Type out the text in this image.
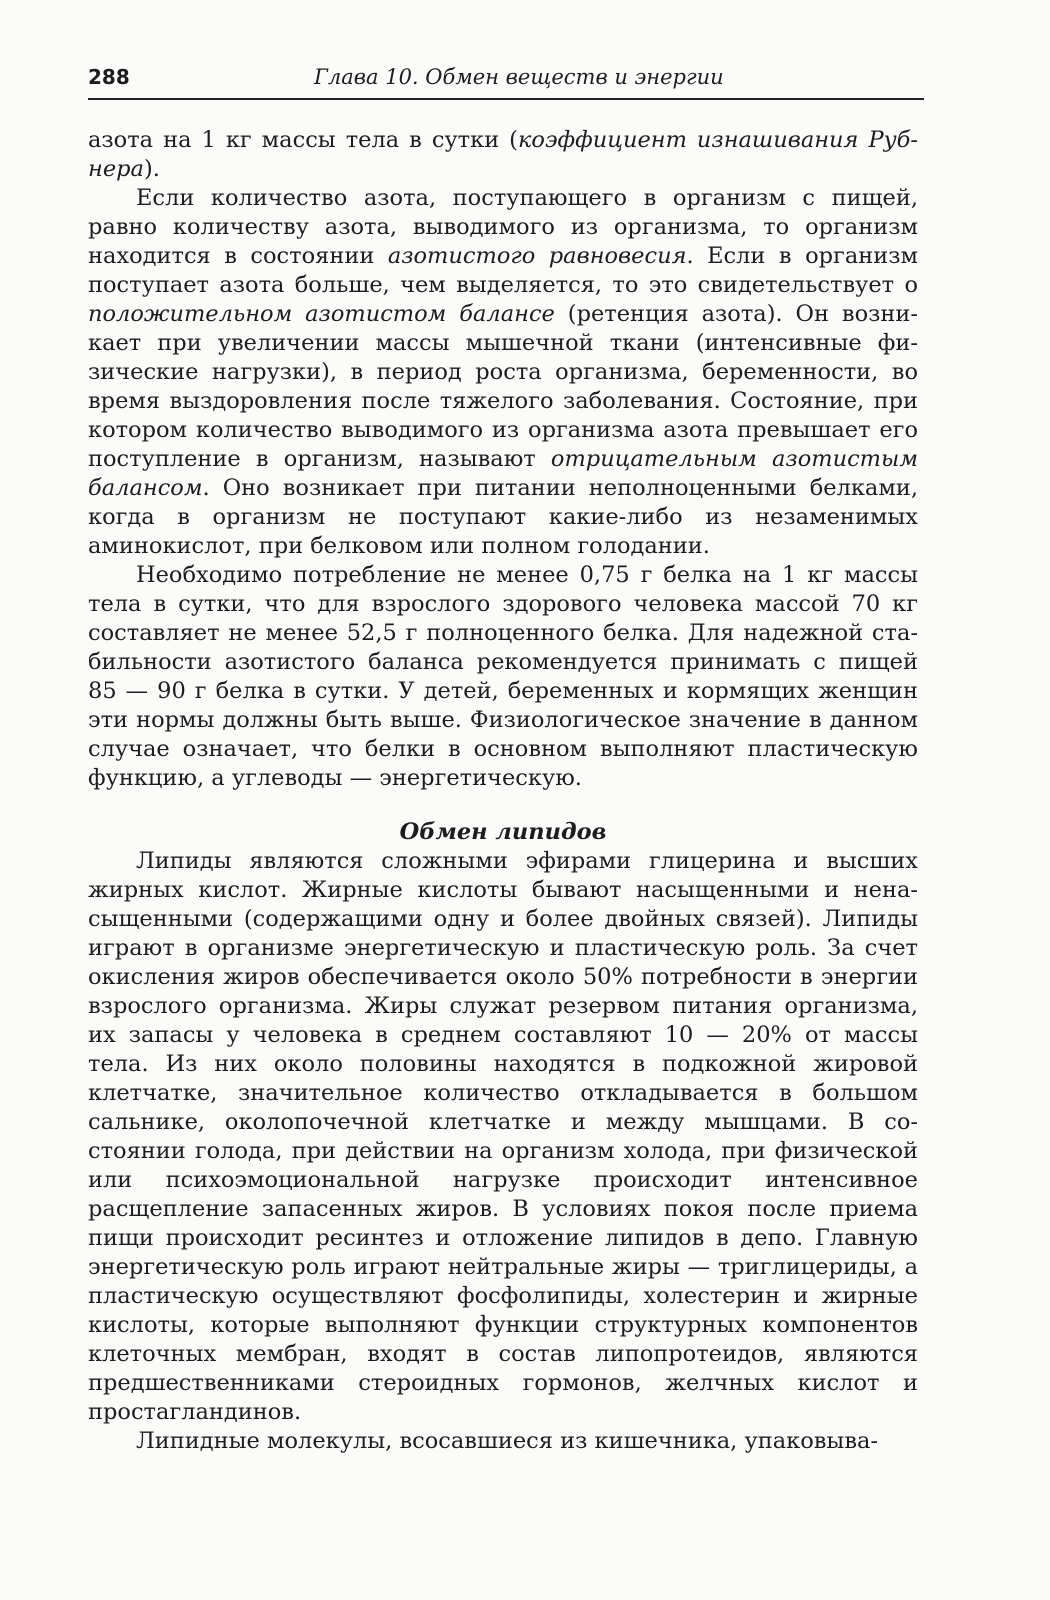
288	Глава 10. Обмен веществ и энергии

азота на 1 кг массы тела в сутки (коэффициент изнашивания Рубнера).

Если количество азота, поступающего в организм с пищей, равно количеству азота, выводимого из организма, то организм находится в состоянии азотистого равновесия. Если в организм поступает азота больше, чем выделяется, то это свидетельствует о положительном азотистом балансе (ретенция азота). Он возникает при увеличении массы мышечной ткани (интенсивные физические нагрузки), в период роста организма, беременности, во время выздоровления после тяжелого заболевания. Состояние, при котором количество выводимого из организма азота превышает его поступление в организм, называют отрицательным азотистым балансом. Оно возникает при питании неполноценными белками, когда в организм не поступают какие-либо из незаменимых аминокислот, при белковом или полном голодании.

Необходимо потребление не менее 0,75 г белка на 1 кг массы тела в сутки, что для взрослого здорового человека массой 70 кг составляет не менее 52,5 г полноценного белка. Для надежной стабильности азотистого баланса рекомендуется принимать с пищей 85 — 90 г белка в сутки. У детей, беременных и кормящих женщин эти нормы должны быть выше. Физиологическое значение в данном случае означает, что белки в основном выполняют пластическую функцию, а углеводы — энергетическую.

Обмен липидов

Липиды являются сложными эфирами глицерина и высших жирных кислот. Жирные кислоты бывают насыщенными и ненасыщенными (содержащими одну и более двойных связей). Липиды играют в организме энергетическую и пластическую роль. За счет окисления жиров обеспечивается около 50% потребности в энергии взрослого организма. Жиры служат резервом питания организма, их запасы у человека в среднем составляют 10 — 20% от массы тела. Из них около половины находятся в подкожной жировой клетчатке, значительное количество откладывается в большом сальнике, околопочечной клетчатке и между мышцами. В состоянии голода, при действии на организм холода, при физической или психоэмоциональной нагрузке происходит интенсивное расщепление запасенных жиров. В условиях покоя после приема пищи происходит ресинтез и отложение липидов в депо. Главную энергетическую роль играют нейтральные жиры — триглицериды, а пластическую осуществляют фосфолипиды, холестерин и жирные кислоты, которые выполняют функции структурных компонентов клеточных мембран, входят в состав липопротеидов, являются предшественниками стероидных гормонов, желчных кислот и простагландинов.

Липидные молекулы, всосавшиеся из кишечника, упаковыва-
